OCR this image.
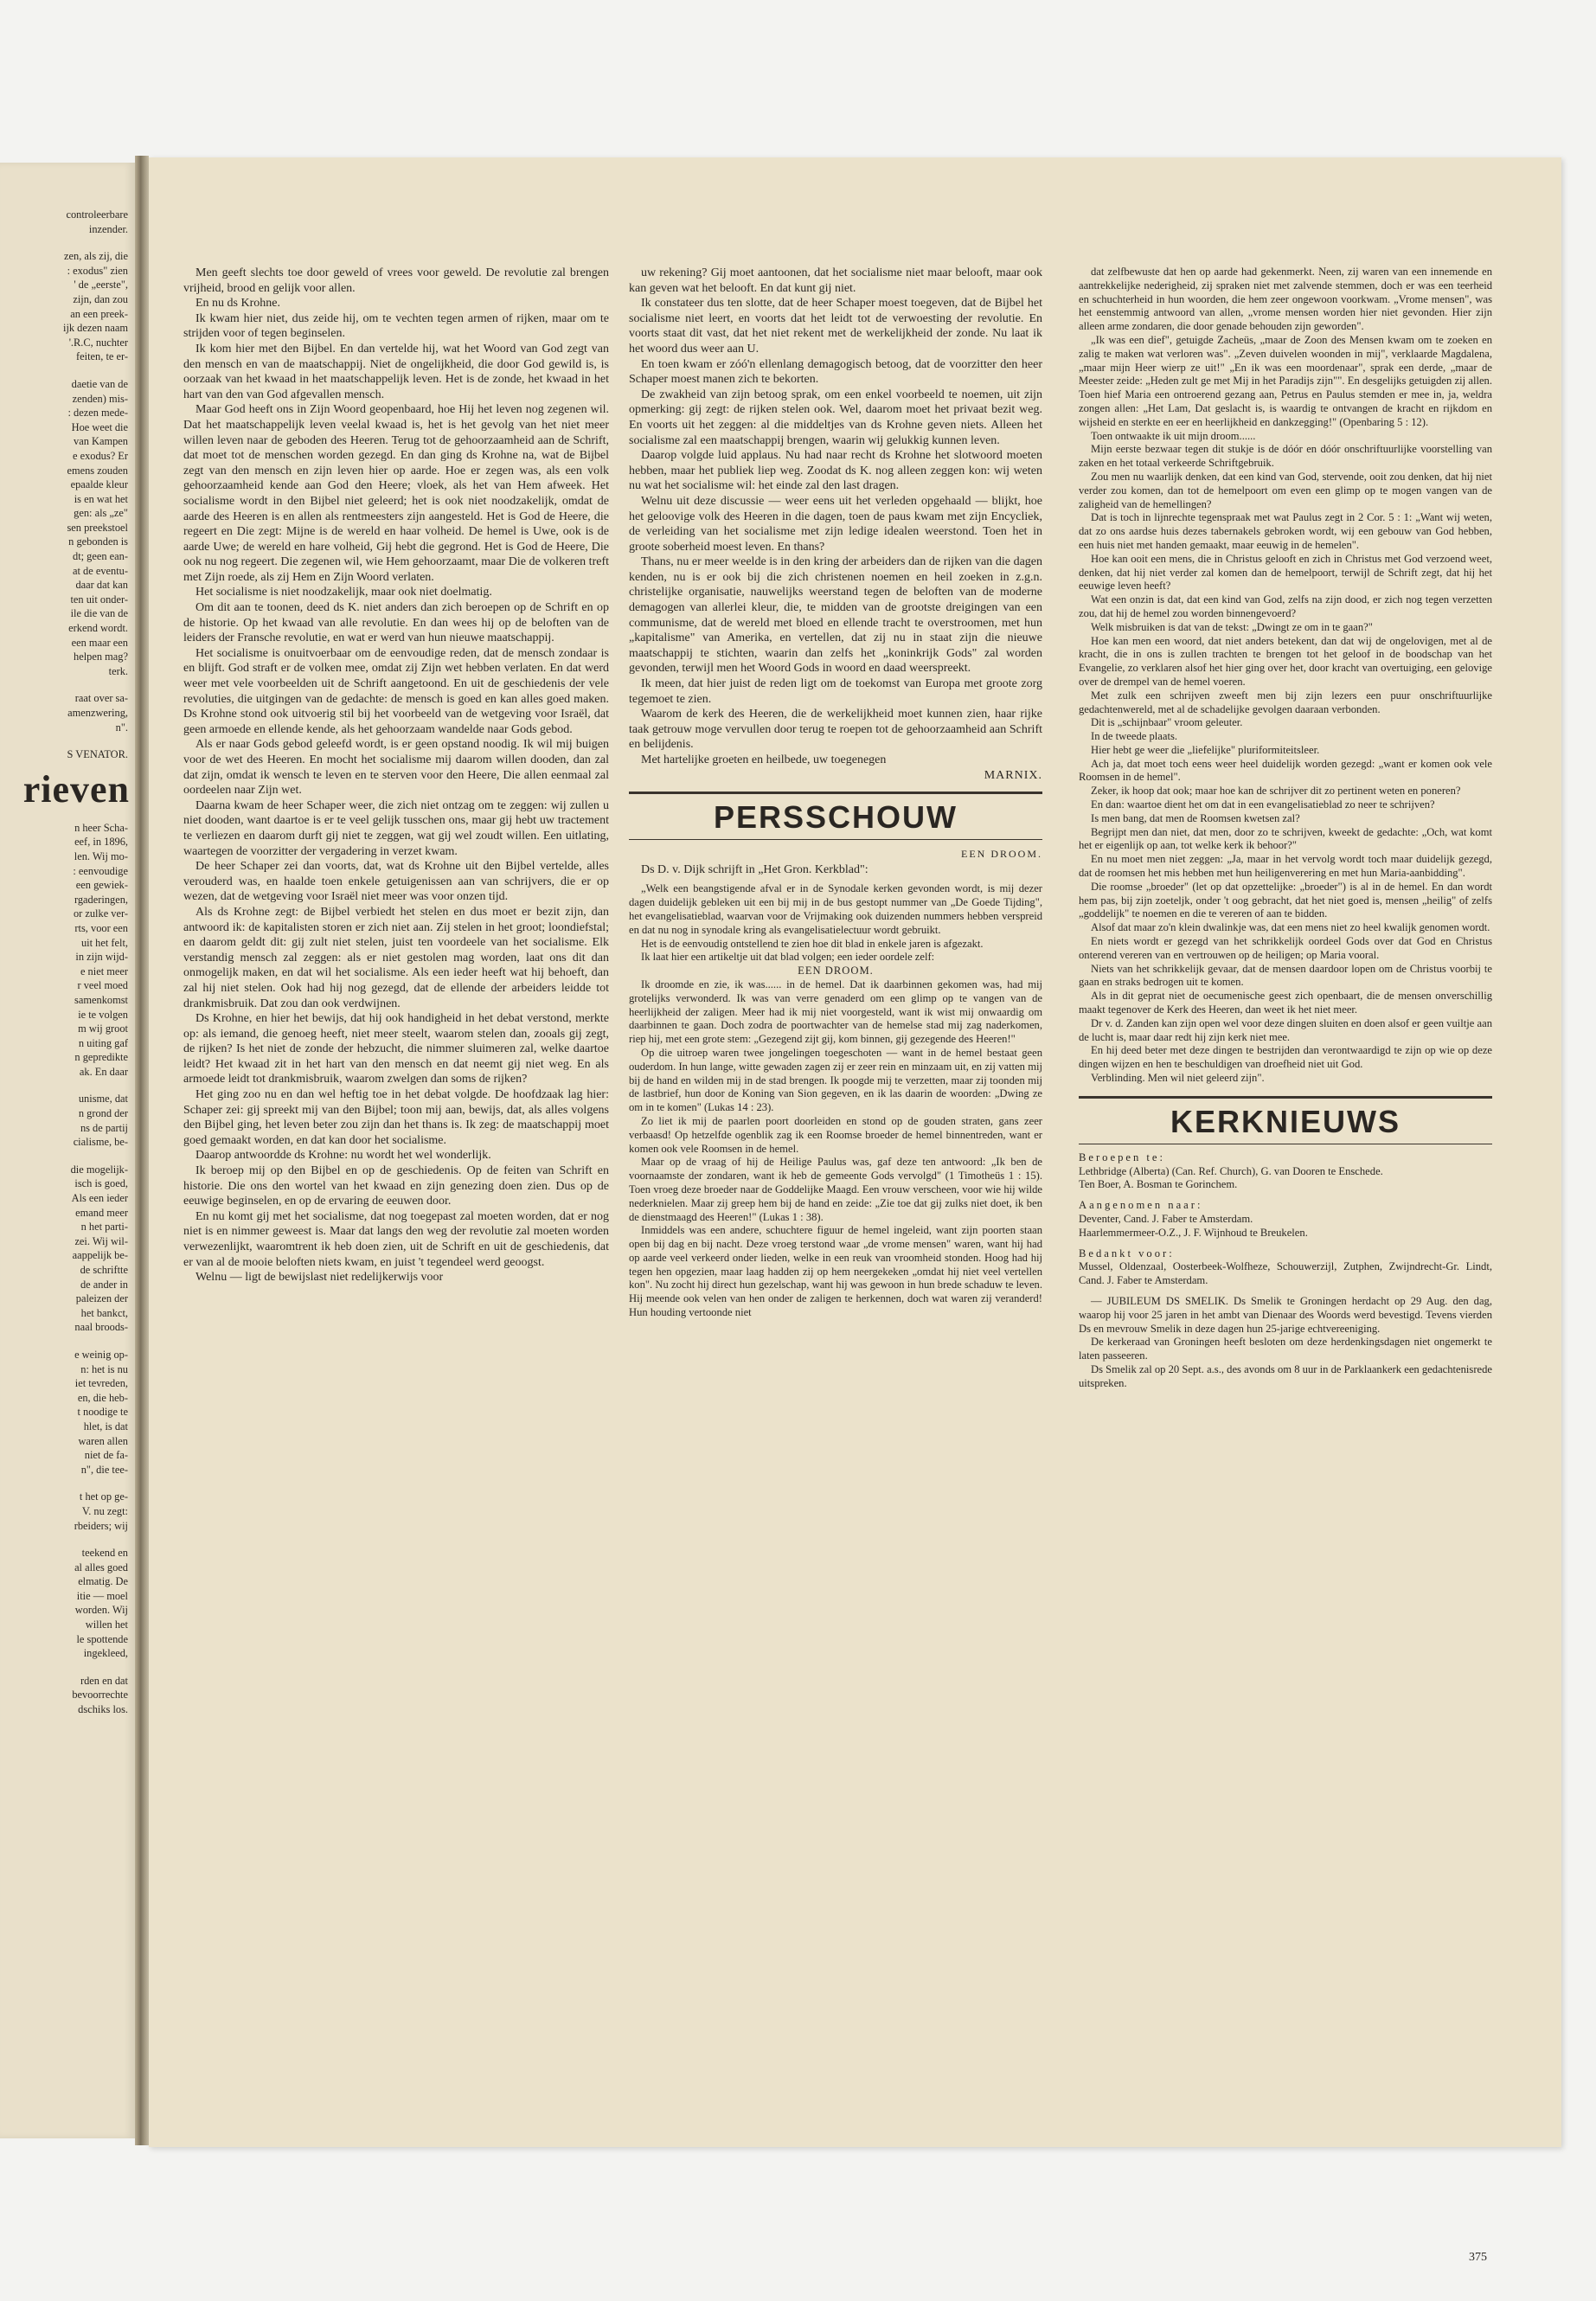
controleerbare
inzender.
zen, als zij, die
: exodus" zien
' de „eerste",
zijn, dan zou
an een preek-
ijk dezen naam
'.R.C, nuchter
feiten, te er-
daetie van de
zenden) mis-
: dezen mede-
Hoe weet die
van Kampen
e exodus? Er
emens zouden
epaalde kleur
is en wat het
gen: als „ze"
sen preekstoel
n gebonden is
dt; geen ean-
at de eventu-
daar dat kan
ten uit onder-
ile die van de
erkend wordt.
een maar een
helpen mag?
terk.
raat over sa-
amenzwering,
n".
S VENATOR.
rieven
n heer Scha-
eef, in 1896,
len. Wij mo-
: eenvoudige
een gewiek-
rgaderingen,
or zulke ver-
rts, voor een
uit het felt,
in zijn wijd-
e niet meer
r veel moed
samenkomst
ie te volgen
m wij groot
n uiting gaf
n gepredikte
ak. En daar
unisme, dat
n grond der
ns de partij
cialisme, be-
die mogelijk-
isch is goed,
Als een ieder
emand meer
n het parti-
zei. Wij wil-
aappelijk be-
de schriftte
de ander in
paleizen der
het bankct,
naal broods-
e weinig op-
n: het is nu
iet tevreden,
en, die heb-
t noodige te
hlet, is dat
waren allen
niet de fa-
n", die tee-
t het op ge-
V. nu zegt:
rbeiders; wij
teekend en
al alles goed
elmatig. De
itie — moel
worden. Wij
willen het
le spottende
ingekleed,
rden en dat
bevoorrechte
dschiks los.

Men geeft slechts toe door geweld of vrees voor geweld. De revolutie zal brengen vrijheid, brood en gelijk voor allen.

En nu ds Krohne.

Ik kwam hier niet, dus zeide hij, om te vechten tegen armen of rijken, maar om te strijden voor of tegen beginselen.

Ik kom hier met den Bijbel. En dan vertelde hij, wat het Woord van God zegt van den mensch en van de maatschappij. Niet de ongelijkheid, die door God gewild is, is oorzaak van het kwaad in het maatschappelijk leven. Het is de zonde, het kwaad in het hart van den van God afgevallen mensch.

Maar God heeft ons in Zijn Woord geopenbaard, hoe Hij het leven nog zegenen wil. Dat het maatschappelijk leven veelal kwaad is, het is het gevolg van het niet meer willen leven naar de geboden des Heeren. Terug tot de gehoorzaamheid aan de Schrift, dat moet tot de menschen worden gezegd. En dan ging ds Krohne na, wat de Bijbel zegt van den mensch en zijn leven hier op aarde. Hoe er zegen was, als een volk gehoorzaamheid kende aan God den Heere; vloek, als het van Hem afweek. Het socialisme wordt in den Bijbel niet geleerd; het is ook niet noodzakelijk, omdat de aarde des Heeren is en allen als rentmeesters zijn aangesteld. Het is God de Heere, die regeert en Die zegt: Mijne is de wereld en haar volheid. De hemel is Uwe, ook is de aarde Uwe; de wereld en hare volheid, Gij hebt die gegrond. Het is God de Heere, Die ook nu nog regeert. Die zegenen wil, wie Hem gehoorzaamt, maar Die de volkeren treft met Zijn roede, als zij Hem en Zijn Woord verlaten.

Het socialisme is niet noodzakelijk, maar ook niet doelmatig.

Om dit aan te toonen, deed ds K. niet anders dan zich beroepen op de Schrift en op de historie. Op het kwaad van alle revolutie. En dan wees hij op de beloften van de leiders der Fransche revolutie, en wat er werd van hun nieuwe maatschappij.

Het socialisme is onuitvoerbaar om de eenvoudige reden, dat de mensch zondaar is en blijft. God straft er de volken mee, omdat zij Zijn wet hebben verlaten. En dat werd weer met vele voorbeelden uit de Schrift aangetoond. En uit de geschiedenis der vele revoluties, die uitgingen van de gedachte: de mensch is goed en kan alles goed maken. Ds Krohne stond ook uitvoerig stil bij het voorbeeld van de wetgeving voor Israël, dat geen armoede en ellende kende, als het gehoorzaam wandelde naar Gods gebod.

Als er naar Gods gebod geleefd wordt, is er geen opstand noodig. Ik wil mij buigen voor de wet des Heeren. En mocht het socialisme mij daarom willen dooden, dan zal dat zijn, omdat ik wensch te leven en te sterven voor den Heere, Die allen eenmaal zal oordeelen naar Zijn wet.

Daarna kwam de heer Schaper weer, die zich niet ontzag om te zeggen: wij zullen u niet dooden, want daartoe is er te veel gelijk tusschen ons, maar gij hebt uw tractement te verliezen en daarom durft gij niet te zeggen, wat gij wel zoudt willen. Een uitlating, waartegen de voorzitter der vergadering in verzet kwam.

De heer Schaper zei dan voorts, dat, wat ds Krohne uit den Bijbel vertelde, alles verouderd was, en haalde toen enkele getuigenissen aan van schrijvers, die er op wezen, dat de wetgeving voor Israël niet meer was voor onzen tijd.

Als ds Krohne zegt: de Bijbel verbiedt het stelen en dus moet er bezit zijn, dan antwoord ik: de kapitalisten storen er zich niet aan. Zij stelen in het groot; loondiefstal; en daarom geldt dit: gij zult niet stelen, juist ten voordeele van het socialisme. Elk verstandig mensch zal zeggen: als er niet gestolen mag worden, laat ons dit dan onmogelijk maken, en dat wil het socialisme. Als een ieder heeft wat hij behoeft, dan zal hij niet stelen. Ook had hij nog gezegd, dat de ellende der arbeiders leidde tot drankmisbruik. Dat zou dan ook verdwijnen.

Ds Krohne, en hier het bewijs, dat hij ook handigheid in het debat verstond, merkte op: als iemand, die genoeg heeft, niet meer steelt, waarom stelen dan, zooals gij zegt, de rijken? Is het niet de zonde der hebzucht, die nimmer sluimeren zal, welke daartoe leidt? Het kwaad zit in het hart van den mensch en dat neemt gij niet weg. En als armoede leidt tot drankmisbruik, waarom zwelgen dan soms de rijken?

Het ging zoo nu en dan wel heftig toe in het debat volgde. De hoofdzaak lag hier: Schaper zei: gij spreekt mij van den Bijbel; toon mij aan, bewijs, dat, als alles volgens den Bijbel ging, het leven beter zou zijn dan het thans is. Ik zeg: de maatschappij moet goed gemaakt worden, en dat kan door het socialisme.

Daarop antwoordde ds Krohne: nu wordt het wel wonderlijk.

Ik beroep mij op den Bijbel en op de geschiedenis. Op de feiten van Schrift en historie. Die ons den wortel van het kwaad en zijn genezing doen zien. Dus op de eeuwige beginselen, en op de ervaring de eeuwen door.

En nu komt gij met het socialisme, dat nog toegepast zal moeten worden, dat er nog niet is en nimmer geweest is. Maar dat langs den weg der revolutie zal moeten worden verwezenlijkt, waaromtrent ik heb doen zien, uit de Schrift en uit de geschiedenis, dat er van al de mooie beloften niets kwam, en juist 't tegendeel werd geoogst.

Welnu — ligt de bewijslast niet redelijkerwijs voor

uw rekening? Gij moet aantoonen, dat het socialisme niet maar belooft, maar ook kan geven wat het belooft. En dat kunt gij niet.

Ik constateer dus ten slotte, dat de heer Schaper moest toegeven, dat de Bijbel het socialisme niet leert, en voorts dat het leidt tot de verwoesting der revolutie. En voorts staat dit vast, dat het niet rekent met de werkelijkheid der zonde. Nu laat ik het woord dus weer aan U.

En toen kwam er zóó'n ellenlang demagogisch betoog, dat de voorzitter den heer Schaper moest manen zich te bekorten.

De zwakheid van zijn betoog sprak, om een enkel voorbeeld te noemen, uit zijn opmerking: gij zegt: de rijken stelen ook. Wel, daarom moet het privaat bezit weg. En voorts uit het zeggen: al die middeltjes van ds Krohne geven niets. Alleen het socialisme zal een maatschappij brengen, waarin wij gelukkig kunnen leven.

Daarop volgde luid applaus. Nu had naar recht ds Krohne het slotwoord moeten hebben, maar het publiek liep weg. Zoodat ds K. nog alleen zeggen kon: wij weten nu wat het socialisme wil: het einde zal den last dragen.

Welnu uit deze discussie — weer eens uit het verleden opgehaald — blijkt, hoe het geloovige volk des Heeren in die dagen, toen de paus kwam met zijn Encycliek, de verleiding van het socialisme met zijn ledige idealen weerstond. Toen het in groote soberheid moest leven. En thans?

Thans, nu er meer weelde is in den kring der arbeiders dan de rijken van die dagen kenden, nu is er ook bij die zich christenen noemen en heil zoeken in z.g.n. christelijke organisatie, nauwelijks weerstand tegen de beloften van de moderne demagogen van allerlei kleur, die, te midden van de grootste dreigingen van een communisme, dat de wereld met bloed en ellende tracht te overstroomen, met hun „kapitalisme" van Amerika, en vertellen, dat zij nu in staat zijn die nieuwe maatschappij te stichten, waarin dan zelfs het „koninkrijk Gods" zal worden gevonden, terwijl men het Woord Gods in woord en daad weerspreekt.

Ik meen, dat hier juist de reden ligt om de toekomst van Europa met groote zorg tegemoet te zien.

Waarom de kerk des Heeren, die de werkelijkheid moet kunnen zien, haar rijke taak getrouw moge vervullen door terug te roepen tot de gehoorzaamheid aan Schrift en belijdenis.

Met hartelijke groeten en heilbede, uw toegenegen

MARNIX.

PERSSCHOUW

EEN DROOM.

Ds D. v. Dijk schrijft in „Het Gron. Kerkblad":

„Welk een beangstigende afval er in de Synodale kerken gevonden wordt, is mij dezer dagen duidelijk gebleken uit een bij mij in de bus gestopt nummer van „De Goede Tijding", het evangelisatieblad, waarvan voor de Vrijmaking ook duizenden nummers hebben verspreid en dat nu nog in synodale kring als evangelisatielectuur wordt gebruikt.

Het is de eenvoudig ontstellend te zien hoe dit blad in enkele jaren is afgezakt.

Ik laat hier een artikeltje uit dat blad volgen; een ieder oordele zelf:

EEN DROOM.

Ik droomde en zie, ik was...... in de hemel. Dat ik daarbinnen gekomen was, had mij grotelijks verwonderd. Ik was van verre genaderd om een glimp op te vangen van de heerlijkheid der zaligen. Meer had ik mij niet voorgesteld, want ik wist mij onwaardig om daarbinnen te gaan. Doch zodra de poortwachter van de hemelse stad mij zag naderkomen, riep hij, met een grote stem: „Gezegend zijt gij, kom binnen, gij gezegende des Heeren!"

Op die uitroep waren twee jongelingen toegeschoten — want in de hemel bestaat geen ouderdom. In hun lange, witte gewaden zagen zij er zeer rein en minzaam uit, en zij vatten mij bij de hand en wilden mij in de stad brengen. Ik poogde mij te verzetten, maar zij toonden mij de lastbrief, hun door de Koning van Sion gegeven, en ik las daarin de woorden: „Dwing ze om in te komen" (Lukas 14 : 23).

Zo liet ik mij de paarlen poort doorleiden en stond op de gouden straten, gans zeer verbaasd! Op hetzelfde ogenblik zag ik een Roomse broeder de hemel binnentreden, want er komen ook vele Roomsen in de hemel.

Maar op de vraag of hij de Heilige Paulus was, gaf deze ten antwoord: „Ik ben de voornaamste der zondaren, want ik heb de gemeente Gods vervolgd" (1 Timotheüs 1 : 15). Toen vroeg deze broeder naar de Goddelijke Maagd. Een vrouw verscheen, voor wie hij wilde nederknielen. Maar zij greep hem bij de hand en zeide: „Zie toe dat gij zulks niet doet, ik ben de dienstmaagd des Heeren!" (Lukas 1 : 38).

Inmiddels was een andere, schuchtere figuur de hemel ingeleid, want zijn poorten staan open bij dag en bij nacht. Deze vroeg terstond waar „de vrome mensen" waren, want hij had op aarde veel verkeerd onder lieden, welke in een reuk van vroomheid stonden. Hoog had hij tegen hen opgezien, maar laag hadden zij op hem neergekeken „omdat hij niet veel vertellen kon". Nu zocht hij direct hun gezelschap, want hij was gewoon in hun brede schaduw te leven. Hij meende ook velen van hen onder de zaligen te herkennen, doch wat waren zij veranderd! Hun houding vertoonde niet

dat zelfbewuste dat hen op aarde had gekenmerkt. Neen, zij waren van een innemende en aantrekkelijke nederigheid, zij spraken niet met zalvende stemmen, doch er was een teerheid en schuchterheid in hun woorden, die hem zeer ongewoon voorkwam. „Vrome mensen", was het eenstemmig antwoord van allen, „vrome mensen worden hier niet gevonden. Hier zijn alleen arme zondaren, die door genade behouden zijn geworden".

„Ik was een dief", getuigde Zacheüs, „maar de Zoon des Mensen kwam om te zoeken en zalig te maken wat verloren was". „Zeven duivelen woonden in mij", verklaarde Magdalena, „maar mijn Heer wierp ze uit!" „En ik was een moordenaar", sprak een derde, „maar de Meester zeide: „Heden zult ge met Mij in het Paradijs zijn"". En desgelijks getuigden zij allen. Toen hief Maria een ontroerend gezang aan, Petrus en Paulus stemden er mee in, ja, weldra zongen allen: „Het Lam, Dat geslacht is, is waardig te ontvangen de kracht en rijkdom en wijsheid en sterkte en eer en heerlijkheid en dankzegging!" (Openbaring 5 : 12).

Toen ontwaakte ik uit mijn droom......

Mijn eerste bezwaar tegen dit stukje is de dóór en dóór onschriftuurlijke voorstelling van zaken en het totaal verkeerde Schriftgebruik.

Zou men nu waarlijk denken, dat een kind van God, stervende, ooit zou denken, dat hij niet verder zou komen, dan tot de hemelpoort om even een glimp op te mogen vangen van de zaligheid van de hemellingen?

Dat is toch in lijnrechte tegenspraak met wat Paulus zegt in 2 Cor. 5 : 1: „Want wij weten, dat zo ons aardse huis dezes tabernakels gebroken wordt, wij een gebouw van God hebben, een huis niet met handen gemaakt, maar eeuwig in de hemelen".

Hoe kan ooit een mens, die in Christus gelooft en zich in Christus met God verzoend weet, denken, dat hij niet verder zal komen dan de hemelpoort, terwijl de Schrift zegt, dat hij het eeuwige leven heeft?

Wat een onzin is dat, dat een kind van God, zelfs na zijn dood, er zich nog tegen verzetten zou, dat hij de hemel zou worden binnengevoerd?

Welk misbruiken is dat van de tekst: „Dwingt ze om in te gaan?"

Hoe kan men een woord, dat niet anders betekent, dan dat wij de ongelovigen, met al de kracht, die in ons is zullen trachten te brengen tot het geloof in de boodschap van het Evangelie, zo verklaren alsof het hier ging over het, door kracht van overtuiging, een gelovige over de drempel van de hemel voeren.

Met zulk een schrijven zweeft men bij zijn lezers een puur onschriftuurlijke gedachtenwereld, met al de schadelijke gevolgen daaraan verbonden.

Dit is „schijnbaar" vroom geleuter.

In de tweede plaats.

Hier hebt ge weer die „liefelijke" pluriformiteitsleer.

Ach ja, dat moet toch eens weer heel duidelijk worden gezegd: „want er komen ook vele Roomsen in de hemel".

Zeker, ik hoop dat ook; maar hoe kan de schrijver dit zo pertinent weten en poneren?

En dan: waartoe dient het om dat in een evangelisatieblad zo neer te schrijven?

Is men bang, dat men de Roomsen kwetsen zal?

Begrijpt men dan niet, dat men, door zo te schrijven, kweekt de gedachte: „Och, wat komt het er eigenlijk op aan, tot welke kerk ik behoor?"

En nu moet men niet zeggen: „Ja, maar in het vervolg wordt toch maar duidelijk gezegd, dat de roomsen het mis hebben met hun heiligenverering en met hun Maria-aanbidding".

Die roomse „broeder" (let op dat opzettelijke: „broeder") is al in de hemel. En dan wordt hem pas, bij zijn zoeteljk, onder 't oog gebracht, dat het niet goed is, mensen „heilig" of zelfs „goddelijk" te noemen en die te vereren of aan te bidden.

Alsof dat maar zo'n klein dwalinkje was, dat een mens niet zo heel kwalijk genomen wordt.

En niets wordt er gezegd van het schrikkelijk oordeel Gods over dat God en Christus onterend vereren van en vertrouwen op de heiligen; op Maria vooral.

Niets van het schrikkelijk gevaar, dat de mensen daardoor lopen om de Christus voorbij te gaan en straks bedrogen uit te komen.

Als in dit geprat niet de oecumenische geest zich openbaart, die de mensen onverschillig maakt tegenover de Kerk des Heeren, dan weet ik het niet meer.

Dr v. d. Zanden kan zijn open wel voor deze dingen sluiten en doen alsof er geen vuiltje aan de lucht is, maar daar redt hij zijn kerk niet mee.

En hij deed beter met deze dingen te bestrijden dan verontwaardigd te zijn op wie op deze dingen wijzen en hen te beschuldigen van droefheid niet uit God.

Verblinding. Men wil niet geleerd zijn".

KERKNIEUWS

Beroepen te:

Lethbridge (Alberta) (Can. Ref. Church), G. van Dooren te Enschede.

Ten Boer, A. Bosman te Gorinchem.

Aangenomen naar:

Deventer, Cand. J. Faber te Amsterdam.

Haarlemmermeer-O.Z., J. F. Wijnhoud te Breukelen.

Bedankt voor:

Mussel, Oldenzaal, Oosterbeek-Wolfheze, Schouwerzijl, Zutphen, Zwijndrecht-Gr. Lindt, Cand. J. Faber te Amsterdam.

— JUBILEUM DS SMELIK. Ds Smelik te Groningen herdacht op 29 Aug. den dag, waarop hij voor 25 jaren in het ambt van Dienaar des Woords werd bevestigd. Tevens vierden Ds en mevrouw Smelik in deze dagen hun 25-jarige echtvereeniging.

De kerkeraad van Groningen heeft besloten om deze herdenkingsdagen niet ongemerkt te laten passeeren.

Ds Smelik zal op 20 Sept. a.s., des avonds om 8 uur in de Parklaankerk een gedachtenisrede uitspreken.

375
